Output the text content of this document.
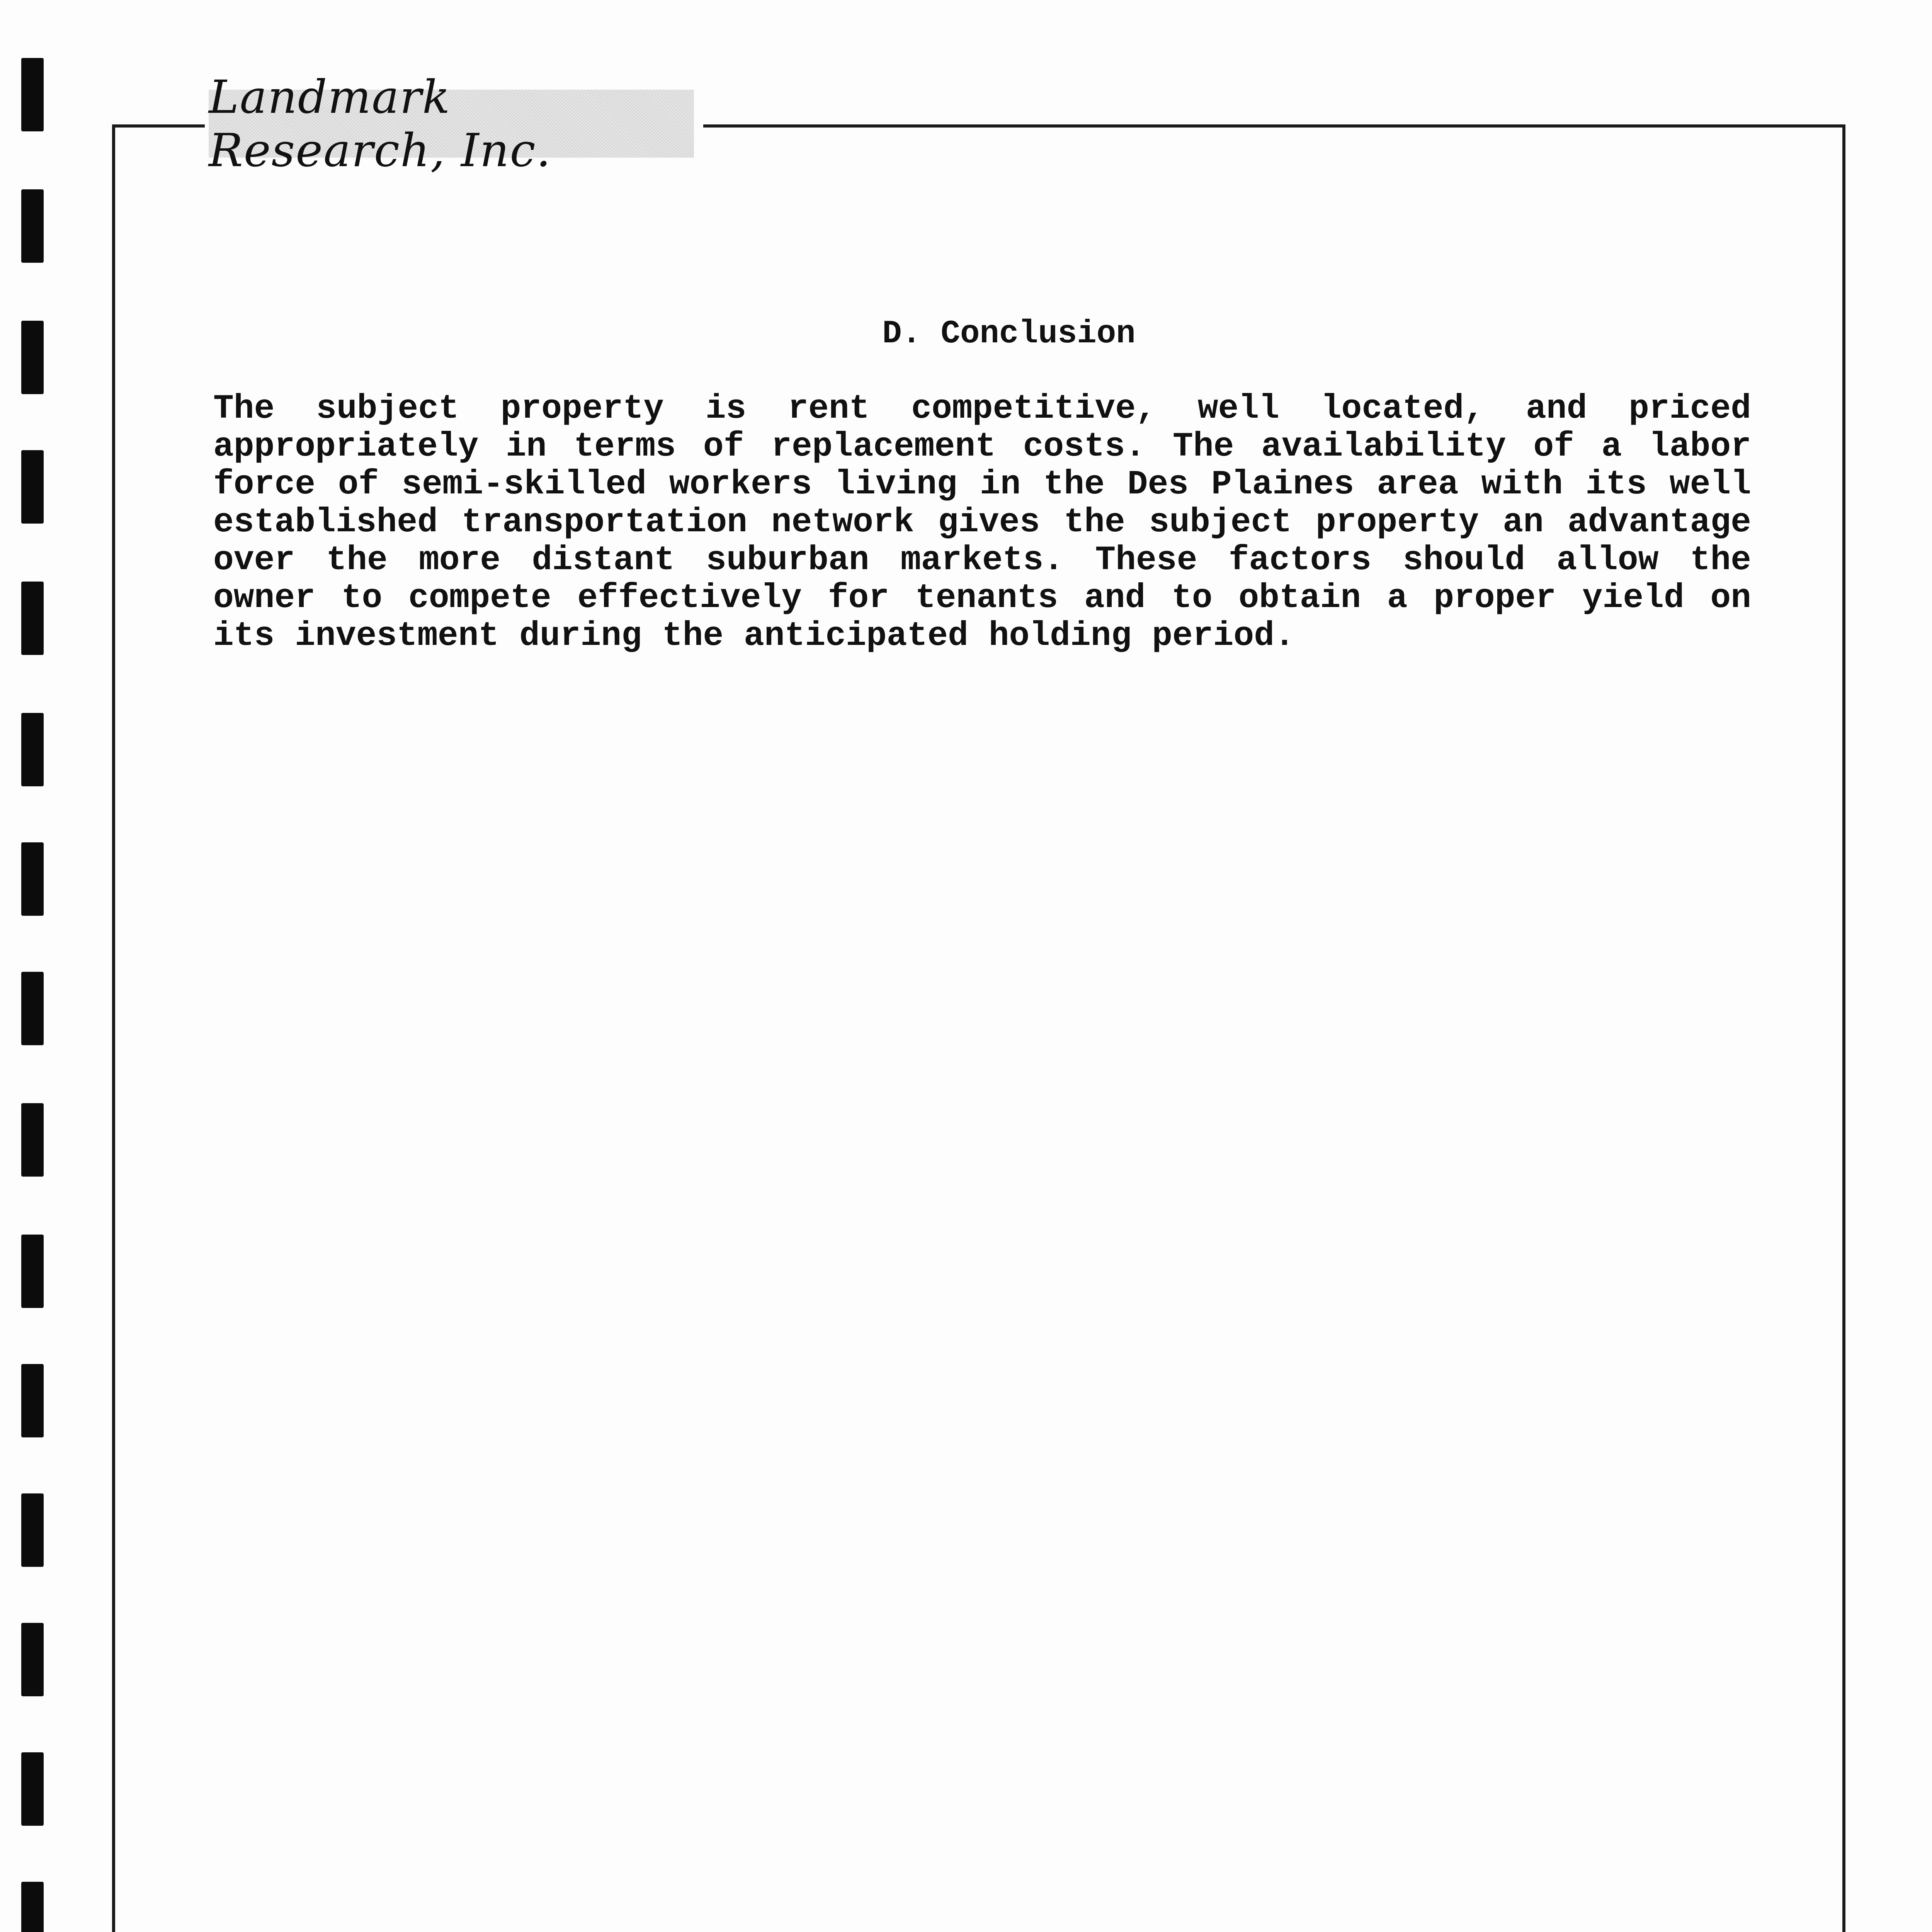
Landmark Research, Inc.
D. Conclusion

The subject property is rent competitive, well located, and priced appropriately in terms of replacement costs. The availability of a labor force of semi-skilled workers living in the Des Plaines area with its well established transportation network gives the subject property an advantage over the more distant suburban markets. These factors should allow the owner to compete effectively for tenants and to obtain a proper yield on its investment during the anticipated holding period.
